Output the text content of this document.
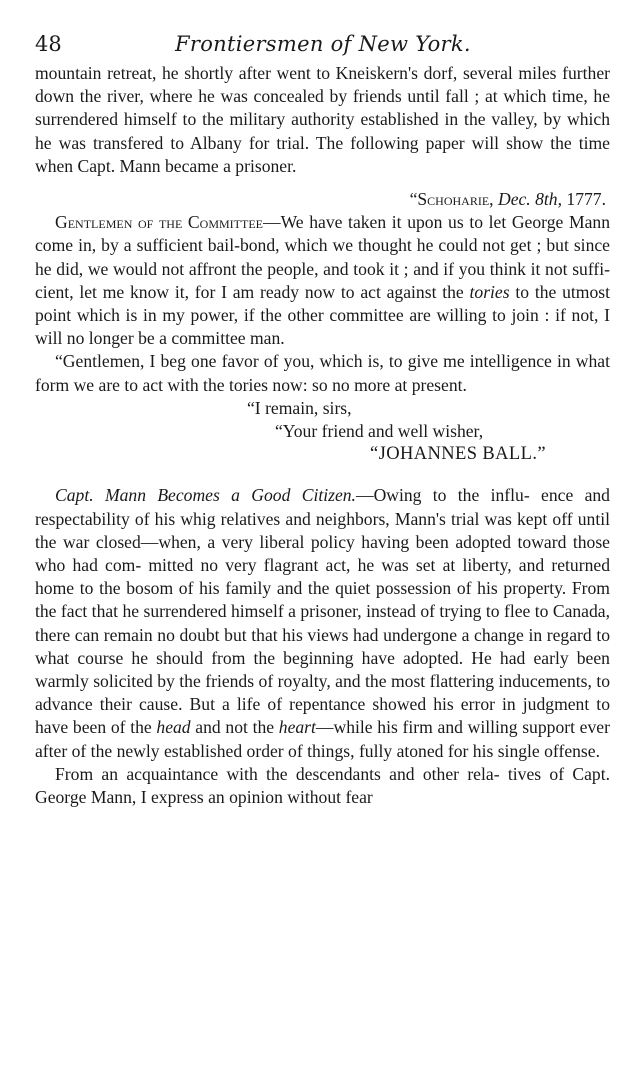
48	Frontiersmen of New York.

mountain retreat, he shortly after went to Kneiskern's dorf, several miles further down the river, where he was concealed by friends until fall ; at which time, he surrendered himself to the military authority established in the valley, by which he was transfered to Albany for trial. The following paper will show the time when Capt. Mann became a prisoner.

“Schoharie, Dec. 8th, 1777.

Gentlemen of the Committee—We have taken it upon us to let George Mann come in, by a sufficient bail-bond, which we thought he could not get ; but since he did, we would not affront the people, and took it ; and if you think it not suffi- cient, let me know it, for I am ready now to act against the tories to the utmost point which is in my power, if the other committee are willing to join : if not, I will no longer be a committee man.

“Gentlemen, I beg one favor of you, which is, to give me intelligence in what form we are to act with the tories now: so no more at present.

“I remain, sirs,

“Your friend and well wisher,

“JOHANNES BALL.”

Capt. Mann Becomes a Good Citizen.—Owing to the influ- ence and respectability of his whig relatives and neighbors, Mann's trial was kept off until the war closed—when, a very liberal policy having been adopted toward those who had com- mitted no very flagrant act, he was set at liberty, and returned home to the bosom of his family and the quiet possession of his property. From the fact that he surrendered himself a prisoner, instead of trying to flee to Canada, there can remain no doubt but that his views had undergone a change in regard to what course he should from the beginning have adopted. He had early been warmly solicited by the friends of royalty, and the most flattering inducements, to advance their cause. But a life of repentance showed his error in judgment to have been of the head and not the heart—while his firm and willing support ever after of the newly established order of things, fully atoned for his single offense.

From an acquaintance with the descendants and other rela- tives of Capt. George Mann, I express an opinion without fear
